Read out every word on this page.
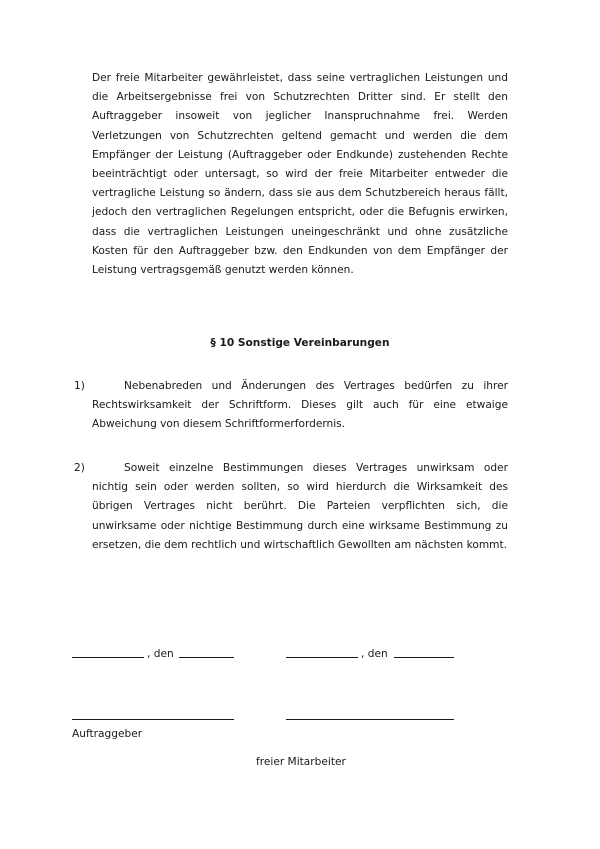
Der freie Mitarbeiter gewährleistet, dass seine vertraglichen Leistungen und die Arbeitsergebnisse frei von Schutzrechten Dritter sind. Er stellt den Auftraggeber insoweit von jeglicher Inanspruchnahme frei. Werden Verletzungen von Schutzrechten geltend gemacht und werden die dem Empfänger der Leistung (Auftraggeber oder Endkunde) zustehenden Rechte beeinträchtigt oder untersagt, so wird der freie Mitarbeiter entweder die vertragliche Leistung so ändern, dass sie aus dem Schutzbereich heraus fällt, jedoch den vertraglichen Regelungen entspricht, oder die Befugnis erwirken, dass die vertraglichen Leistungen uneingeschränkt und ohne zusätzliche Kosten für den Auftraggeber bzw. den Endkunden von dem Empfänger der Leistung vertragsgemäß genutzt werden können.

§ 10 Sonstige Vereinbarungen

1)	Nebenabreden und Änderungen des Vertrages bedürfen zu ihrer Rechtswirksamkeit der Schriftform. Dieses gilt auch für eine etwaige Abweichung von diesem Schriftformerfordernis.

2)	Soweit einzelne Bestimmungen dieses Vertrages unwirksam oder nichtig sein oder werden sollten, so wird hierdurch die Wirksamkeit des übrigen Vertrages nicht berührt. Die Parteien verpflichten sich, die unwirksame oder nichtige Bestimmung durch eine wirksame Bestimmung zu ersetzen, die dem rechtlich und wirtschaftlich Gewollten am nächsten kommt.

, den	, den
Auftraggeber
freier Mitarbeiter
